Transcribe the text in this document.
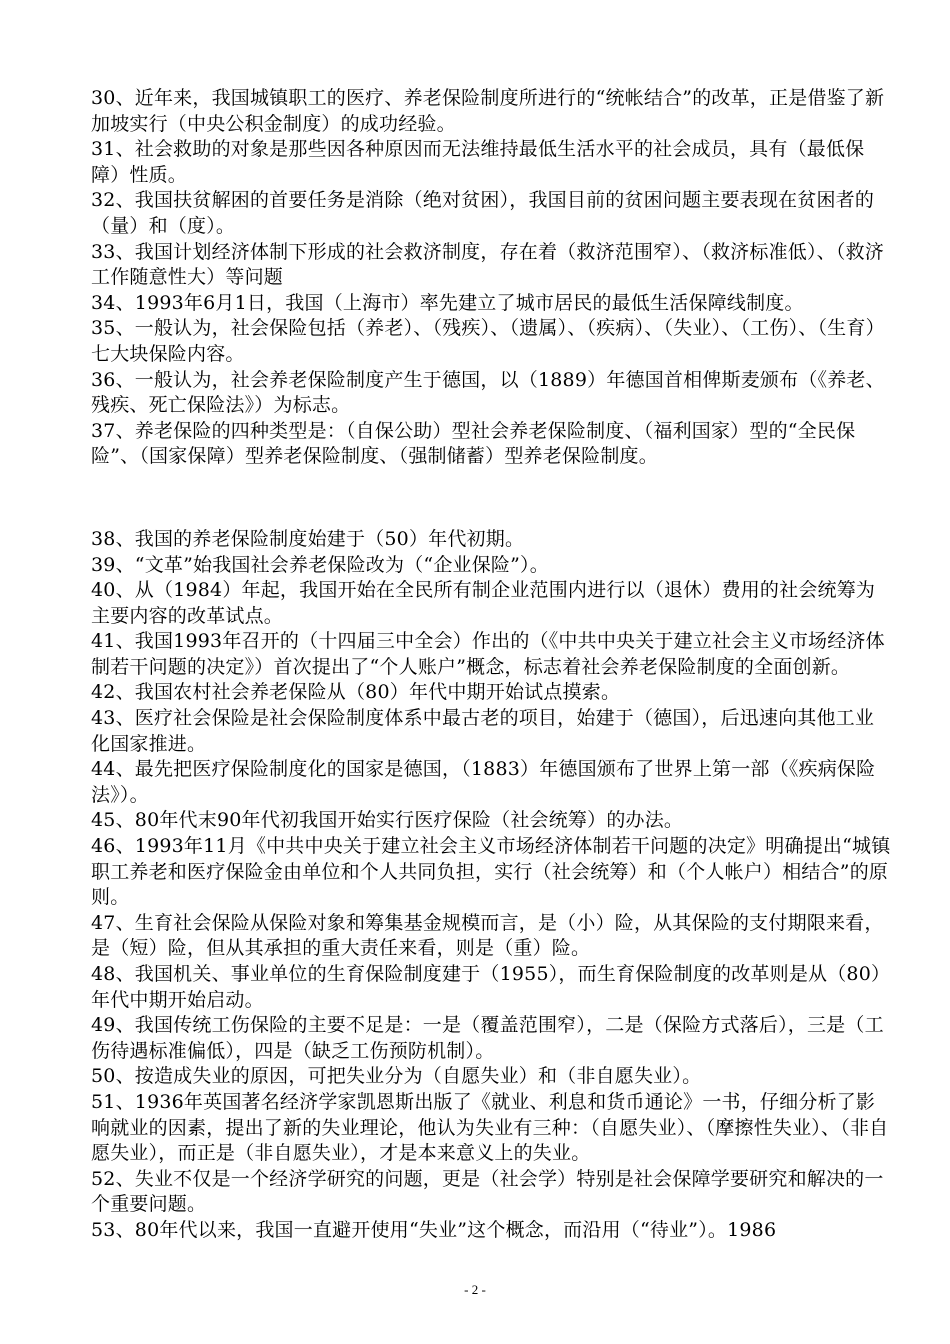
30、近年来，我国城镇职工的医疗、养老保险制度所进行的“统帐结合”的改革，正是借鉴了新加坡实行（中央公积金制度）的成功经验。

31、社会救助的对象是那些因各种原因而无法维持最低生活水平的社会成员，具有（最低保障）性质。

32、我国扶贫解困的首要任务是消除（绝对贫困），我国目前的贫困问题主要表现在贫困者的（量）和（度）。

33、我国计划经济体制下形成的社会救济制度，存在着（救济范围窄）、（救济标准低）、（救济工作随意性大）等问题

34、1993年6月1日，我国（上海市）率先建立了城市居民的最低生活保障线制度。

35、一般认为，社会保险包括（养老）、（残疾）、（遗属）、（疾病）、（失业）、（工伤）、（生育）七大块保险内容。

36、一般认为，社会养老保险制度产生于德国，以（1889）年德国首相俾斯麦颁布（《养老、残疾、死亡保险法》）为标志。

37、养老保险的四种类型是：（自保公助）型社会养老保险制度、（福利国家）型的“全民保险”、（国家保障）型养老保险制度、（强制储蓄）型养老保险制度。

38、我国的养老保险制度始建于（50）年代初期。

39、“文革”始我国社会养老保险改为（“企业保险”）。

40、从（1984）年起，我国开始在全民所有制企业范围内进行以（退休）费用的社会统筹为主要内容的改革试点。

41、我国1993年召开的（十四届三中全会）作出的（《中共中央关于建立社会主义市场经济体制若干问题的决定》）首次提出了“个人账户”概念，标志着社会养老保险制度的全面创新。

42、我国农村社会养老保险从（80）年代中期开始试点摸索。

43、医疗社会保险是社会保险制度体系中最古老的项目，始建于（德国），后迅速向其他工业化国家推进。

44、最先把医疗保险制度化的国家是德国，（1883）年德国颁布了世界上第一部（《疾病保险法》）。

45、80年代末90年代初我国开始实行医疗保险（社会统筹）的办法。

46、1993年11月《中共中央关于建立社会主义市场经济体制若干问题的决定》明确提出“城镇职工养老和医疗保险金由单位和个人共同负担，实行（社会统筹）和（个人帐户）相结合”的原则。

47、生育社会保险从保险对象和筹集基金规模而言，是（小）险，从其保险的支付期限来看，是（短）险，但从其承担的重大责任来看，则是（重）险。

48、我国机关、事业单位的生育保险制度建于（1955），而生育保险制度的改革则是从（80）年代中期开始启动。

49、我国传统工伤保险的主要不足是：一是（覆盖范围窄），二是（保险方式落后），三是（工伤待遇标准偏低），四是（缺乏工伤预防机制）。

50、按造成失业的原因，可把失业分为（自愿失业）和（非自愿失业）。

51、1936年英国著名经济学家凯恩斯出版了《就业、利息和货币通论》一书，仔细分析了影响就业的因素，提出了新的失业理论，他认为失业有三种：（自愿失业）、（摩擦性失业）、（非自愿失业），而正是（非自愿失业），才是本来意义上的失业。

52、失业不仅是一个经济学研究的问题，更是（社会学）特别是社会保障学要研究和解决的一个重要问题。

53、80年代以来，我国一直避开使用“失业”这个概念，而沿用（“待业”）。1986

- 2 -
